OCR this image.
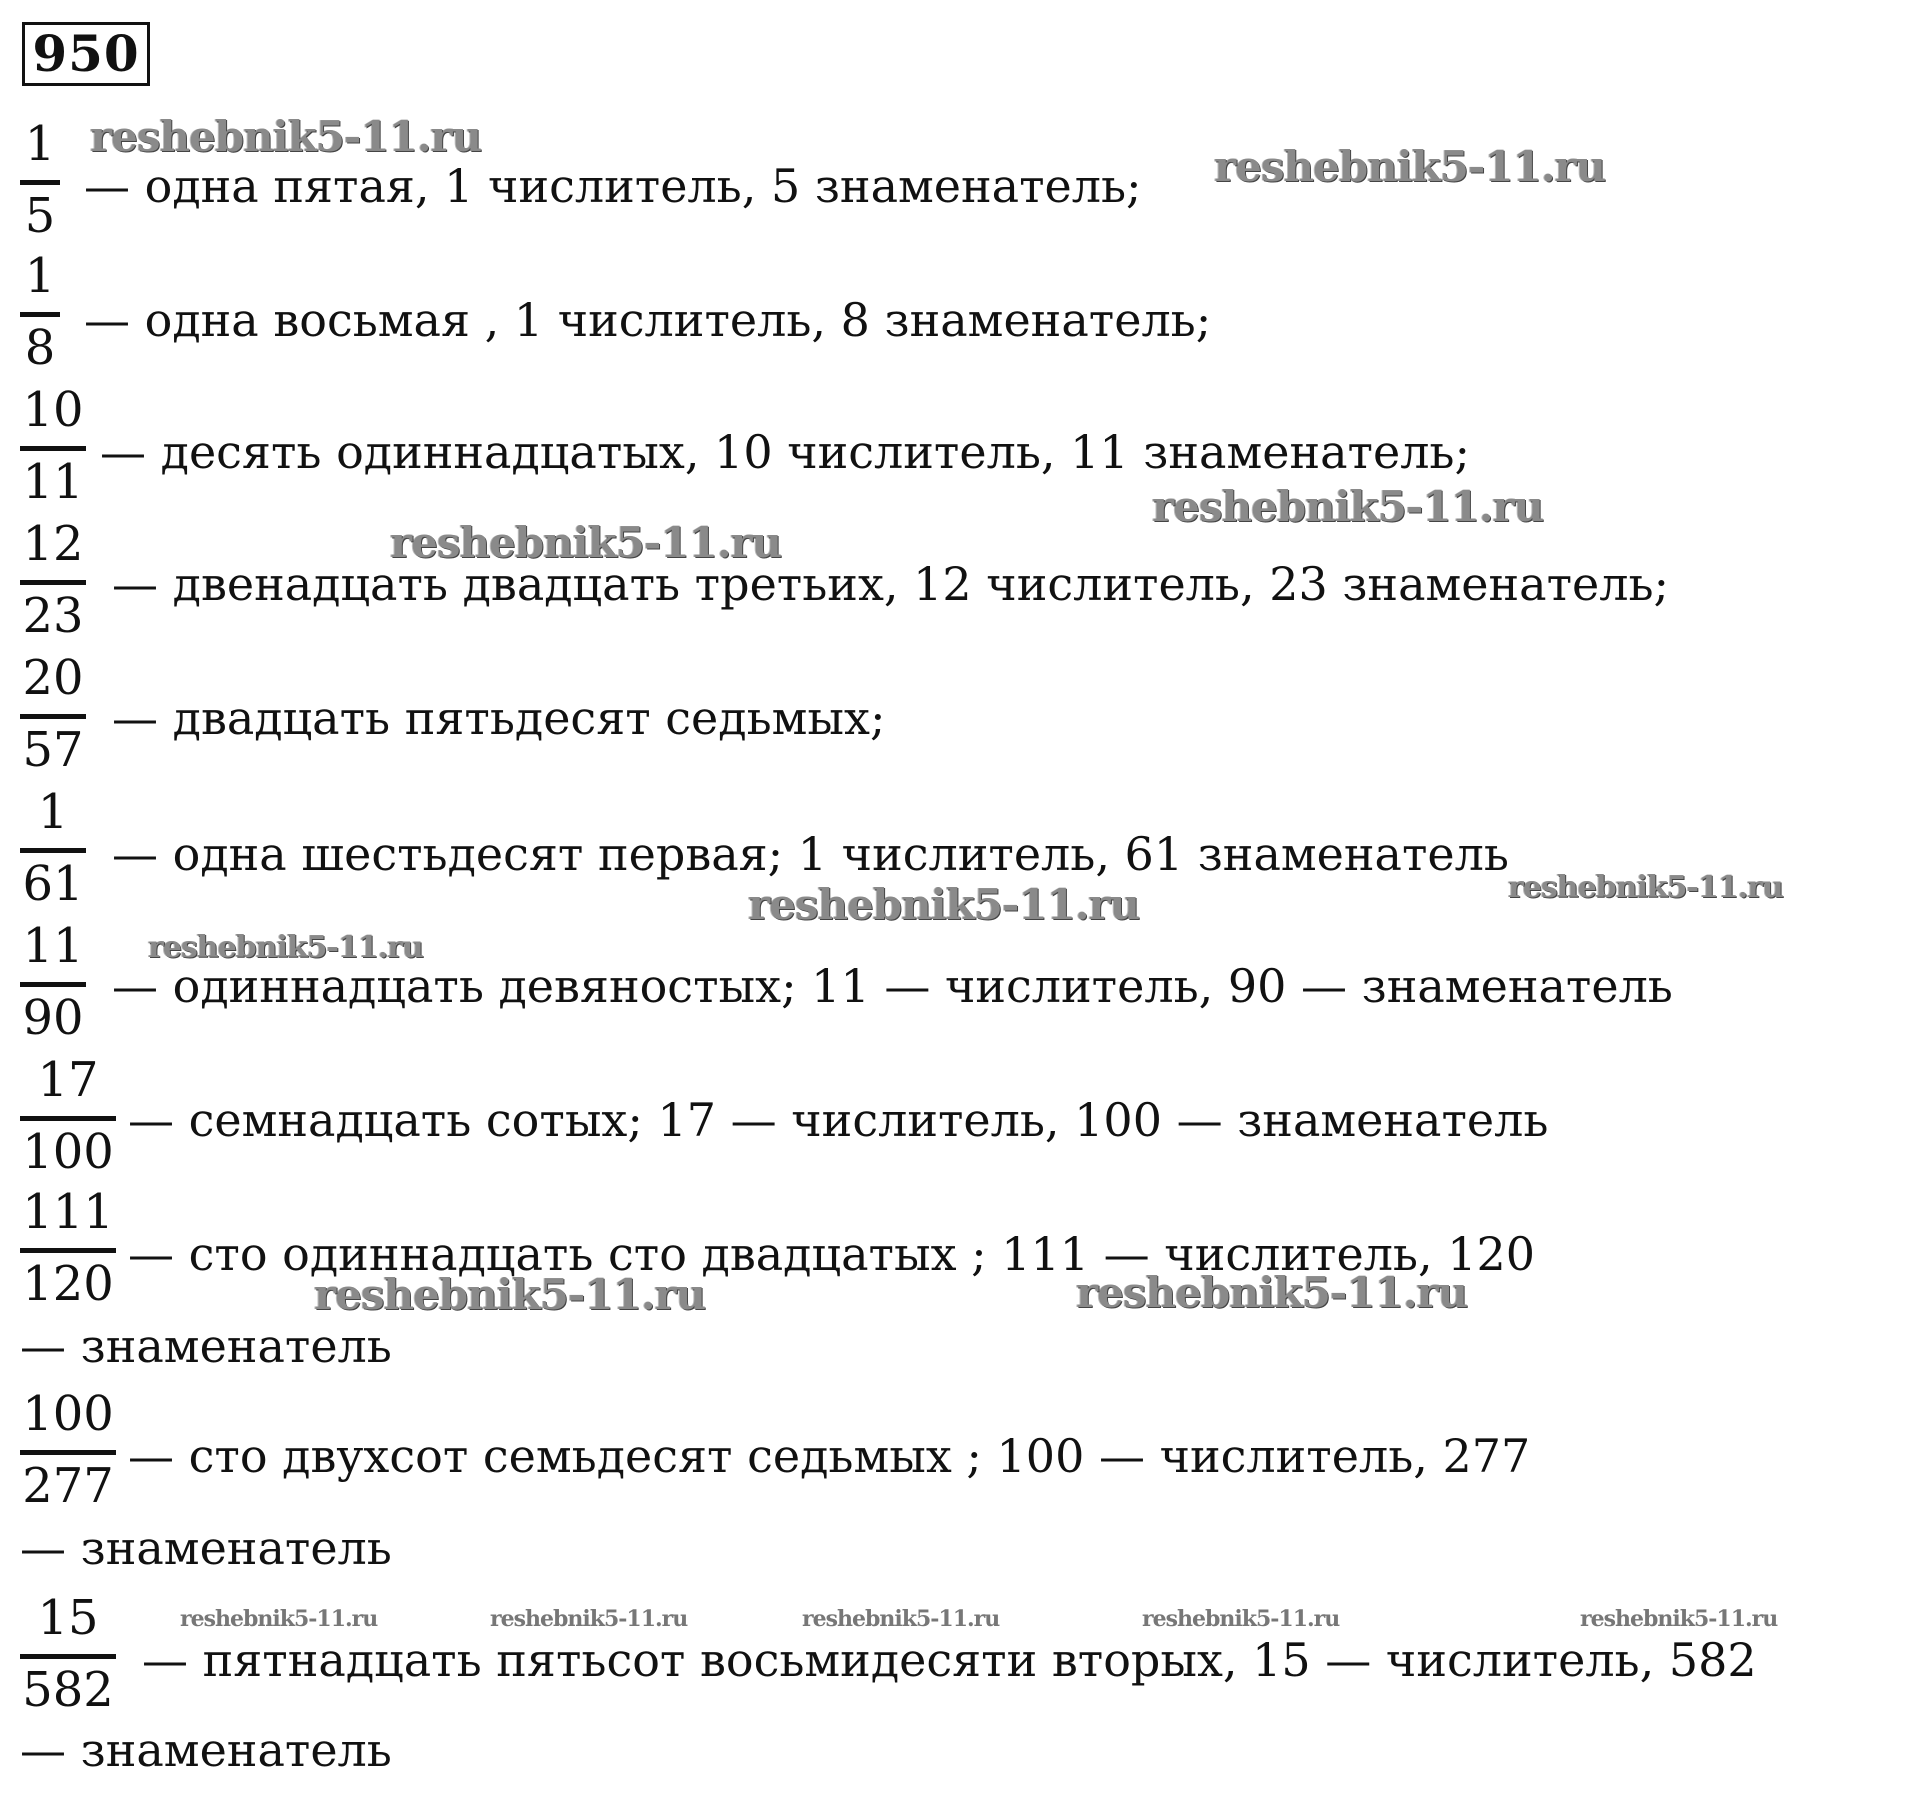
950
1
5
— одна пятая, 1 числитель, 5 знаменатель;
1
8 — одна восьмая , 1 числитель, 8 знаменатель;
10
11
— десять одиннадцатых, 10 числитель, 11 знаменатель;
12
23
— двенадцать двадцать третьих, 12 числитель, 23 знаменатель;
20
57
— двадцать пятьдесят седьмых;
1
61
— одна шестьдесят первая; 1 числитель, 61 знаменатель
11
90
— одиннадцать девяностых; 11 — числитель, 90 — знаменатель
17
100
— семнадцать сотых; 17 — числитель, 100 — знаменатель
111
120
— сто одиннадцать сто двадцатых ; 111 — числитель, 120
— знаменатель
100
277
— сто двухсот семьдесят седьмых ; 100 — числитель, 277
— знаменатель
15
582
— пятнадцать пятьсот восьмидесяти вторых, 15 — числитель, 582
— знаменатель
reshebnik5-11.ru
reshebnik5-11.ru
reshebnik5-11.ru
reshebnik5-11.ru
reshebnik5-11.ru	reshebnik5-11.ru
reshebnik5-11.ru
reshebnik5-11.ru	reshebnik5-11.ru
reshebnik5-11.ru	reshebnik5-11.ru	reshebnik5-11.ru	reshebnik5-11.ru	reshebnik5-11.ru
